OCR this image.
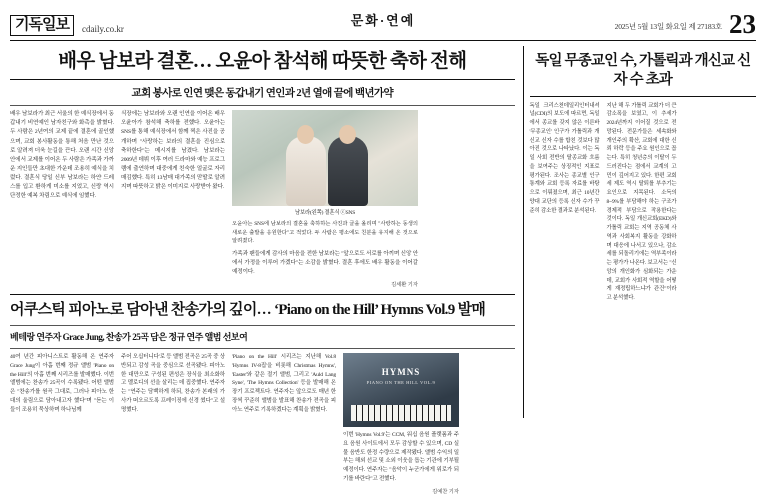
기독일보	cdaily.co.kr
문화·연예	2025년 5월 13일 화요일 제 27183호 23
배우 남보라 결혼… 오윤아 참석해 따뜻한 축하 전해
교회 봉사로 인연 맺은 동갑내기 연인과 2년 열애 끝에 백년가약
배우 남보라가 최근 서울의 한 예식장에서 동갑내기 비연예인 남자친구와 화촉을 밝혔다. 두 사람은 2년여의 교제 끝에 결혼에 골인했으며, 교회 봉사활동을 통해 처음 만난 것으로 알려져 더욱 눈길을 끈다. 오랜 시간 신앙 안에서 교제를 이어온 두 사람은 가족과 가까운 지인들만 초대한 가운데 조용히 예식을 치렀다. 결혼식 당일 신부 남보라는 하얀 드레스를 입고 환하게 미소를 지었고, 신랑 역시 단정한 예복 차림으로 예식에 임했다.
식장에는 남보라와 오랜 인연을 이어온 배우 오윤아가 참석해 축하를 전했다. 오윤아는 SNS를 통해 예식장에서 함께 찍은 사진을 공개하며 "사랑하는 보라의 결혼을 진심으로 축하한다"는 메시지를 남겼다. 남보라는 2009년 데뷔 이후 여러 드라마와 예능 프로그램에 출연하며 대중에게 친숙한 얼굴로 자리매김했다. 특히 13남매 대가족의 맏딸로 알려지며 따뜻하고 밝은 이미지로 사랑받아 왔다.
남보라(왼쪽) 결혼식 ⓒSNS
오윤아는 SNS에 남보라의 결혼을 축하하는 사진과 글을 올리며 "사랑하는 동생의 새로운 출발을 응원한다"고 적었다. 두 사람은 평소에도 친분을 유지해 온 것으로 알려졌다.
가족과 팬들에게 감사의 마음을 전한 남보라는 "앞으로도 서로를 아끼며 신앙 안에서 가정을 이루어 가겠다"는 소감을 밝혔다. 결혼 후에도 배우 활동을 이어갈 예정이다.
김세환 기자
어쿠스틱 피아노로 담아낸 찬송가의 깊이… ‘Piano on the Hill’ Hymns Vol.9 발매
베테랑 연주자 Grace Jung, 찬송가 25곡 담은 정규 연주 앨범 선보여
40여 년간 피아니스트로 활동해 온 연주자 Grace Jung이 아홉 번째 정규 앨범 'Piano on the Hill'의 아홉 번째 시리즈를 발매했다. 이번 앨범에는 찬송가 25곡이 수록됐다. 어떤 앨범은 "찬송가를 원곡 그대로, 그러나 피아노 한 대의 울림으로 담아내고자 했다"며 "듣는 이들이 조용히 묵상하며 하나님께
주어 오십터니다'로 등 앨범 전곡은 25곡 중 상반되고 감성 곡을 중심으로 선곡됐다. 피아노 한 대만으로 구성된 편성은 장식을 최소화하고 멜로디의 선을 살리는 데 집중했다. 연주자는 "연주는 담백하게 하되, 찬송가 본래의 가사가 떠오르도록 프레이징에 신경 썼다"고 설명했다.
'Piano on the Hill' 시리즈는 지난해 Vol.8 'Hymns IV-8집'을 비롯해 Christmas Hymns', 'Easter'와 같은 절기 앨범, 그리고 'Auld Lang Syne', 'The Hymns Collection' 등을 발매해 온 장기 프로젝트다. 연주자는 앞으로도 매년 한 장씩 꾸준히 앨범을 발표해 찬송가 전곡을 피아노 연주로 기록하겠다는 계획을 밝혔다.
HYMNS
PIANO ON THE HILL VOL.9
이번 'Hymns Vol.9'는 CCM, 워십 음원 플랫폼과 주요 음원 사이트에서 모두 감상할 수 있으며, CD 실물 음반도 한정 수량으로 제작됐다. 앨범 수익의 일부는 해외 선교 및 소외 이웃을 돕는 기관에 기부될 예정이다. 연주자는 "음악이 누군가에게 위로가 되기를 바란다"고 전했다.
김예찬 기자
독일 무종교인 수, 가톨릭과 개신교 신자 수 초과
독일 크리스천데일리인터내셔널(CDI)의 보도에 따르면, 독일에서 종교를 갖지 않은 이른바 '무종교인' 인구가 가톨릭과 개신교 신자 수를 합친 것보다 많아진 것으로 나타났다. 이는 독일 사회 전반의 탈종교화 흐름을 보여주는 상징적인 지표로 평가된다. 조사는 종교별 인구 통계와 교회 등록 자료를 바탕으로 이뤄졌으며, 최근 10년간 양대 교단의 등록 신자 수가 꾸준히 감소한 결과로 분석된다.
지난 해 두 가톨릭 교회가 더 큰 감소폭을 보였고, 이 추세가 2024년까지 이어질 것으로 전망된다. 전문가들은 세속화와 개인주의 확산, 교회에 대한 신뢰 하락 등을 주요 원인으로 꼽는다. 특히 청년층의 이탈이 두드러진다는 점에서 교계의 고민이 깊어지고 있다. 한편 교회세 제도 역시 탈퇴를 부추기는 요인으로 지목된다. 소득의 8~9%를 부담해야 하는 구조가 경제적 부담으로 작용한다는 것이다. 독일 개신교회(EKD)와 가톨릭 교회는 지역 공동체 사역과 사회복지 활동을 강화하며 대응에 나서고 있으나, 감소세를 되돌리기에는 역부족이라는 평가가 나온다. 보고서는 "신앙의 개인화가 심화되는 가운데, 교회가 사회적 역할을 어떻게 재정립하느냐가 관건"이라고 분석했다.
